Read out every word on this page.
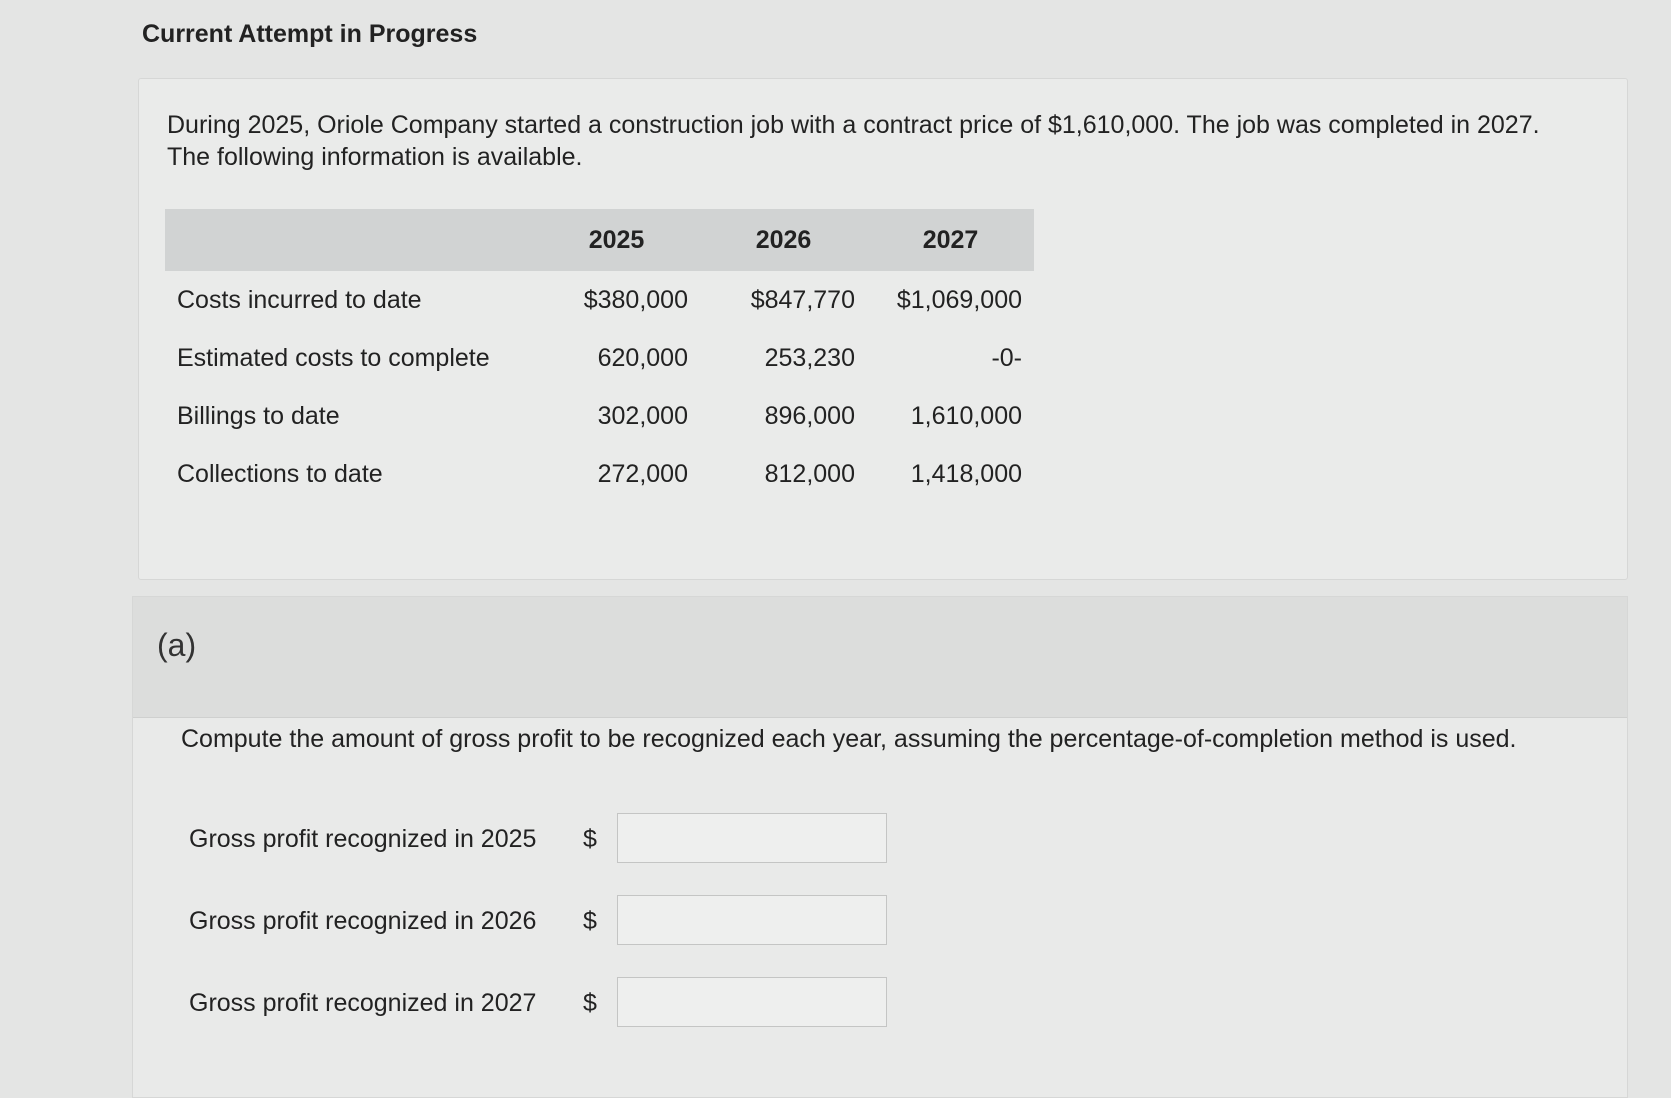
Current Attempt in Progress
During 2025, Oriole Company started a construction job with a contract price of $1,610,000. The job was completed in 2027. The following information is available.
	2025	2026	2027
Costs incurred to date	$380,000	$847,770	$1,069,000
Estimated costs to complete	620,000	253,230	-0-
Billings to date	302,000	896,000	1,610,000
Collections to date	272,000	812,000	1,418,000
(a)
Compute the amount of gross profit to be recognized each year, assuming the percentage-of-completion method is used.
Gross profit recognized in 2025 $
Gross profit recognized in 2026 $
Gross profit recognized in 2027 $
